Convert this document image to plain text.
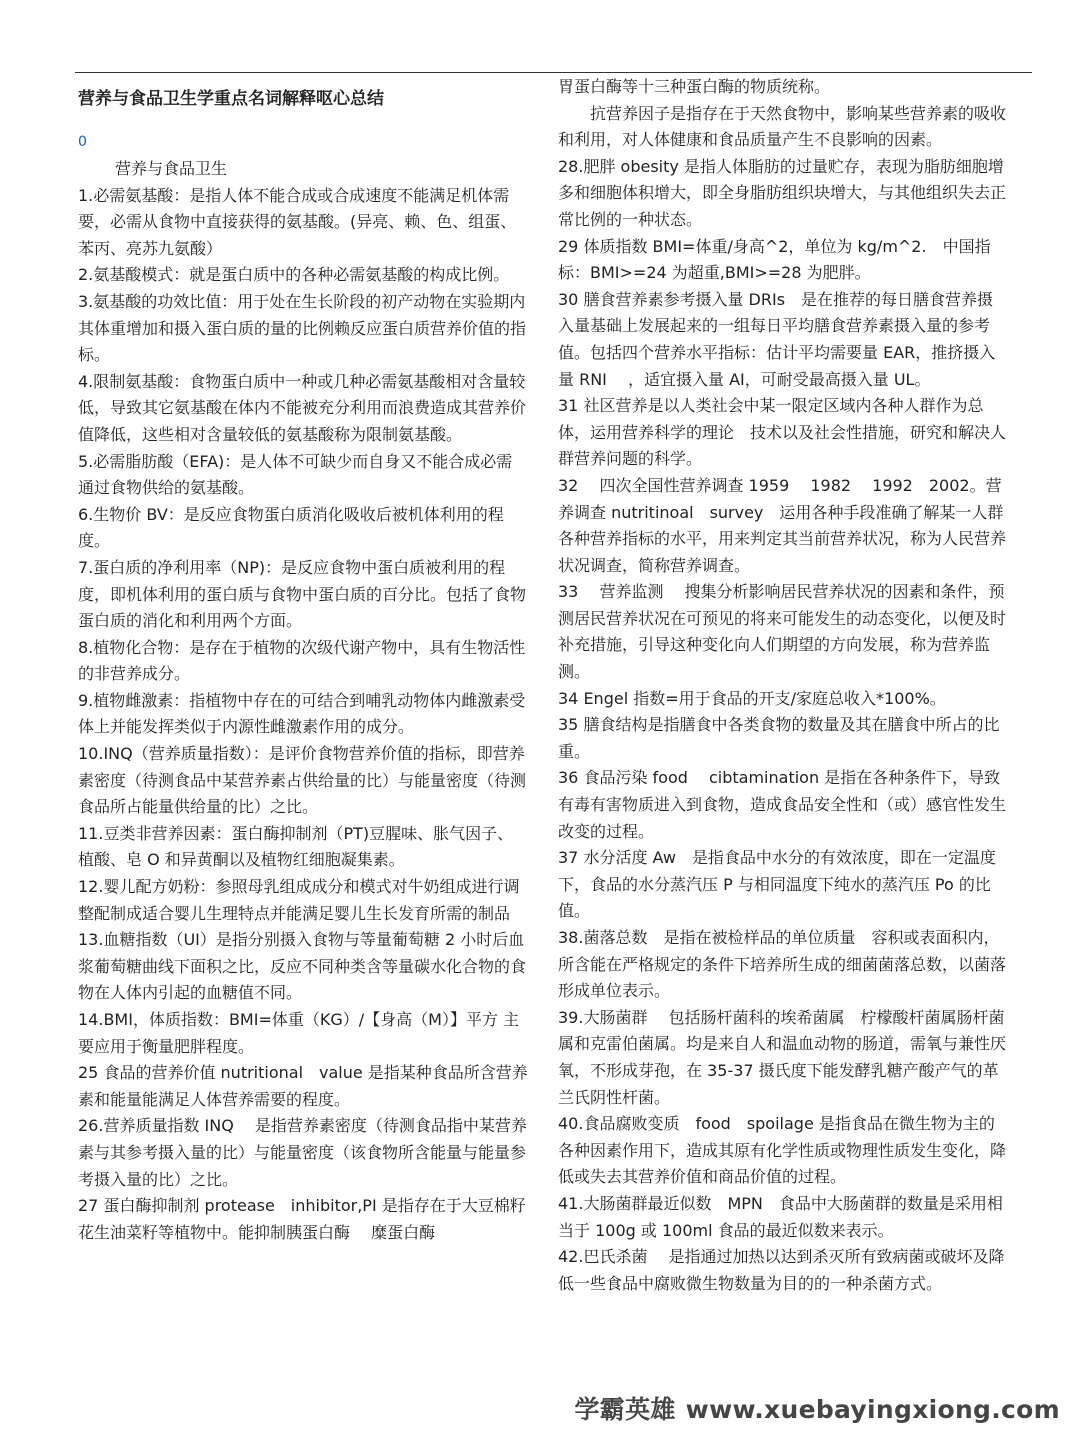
营养与食品卫生学重点名词解释呕心总结
0
营养与食品卫生

1.必需氨基酸：是指人体不能合成或合成速度不能满足机体需要，必需从食物中直接获得的氨基酸。(异亮、赖、色、组蛋、苯丙、亮苏九氨酸）

2.氨基酸模式：就是蛋白质中的各种必需氨基酸的构成比例。

3.氨基酸的功效比值：用于处在生长阶段的初产动物在实验期内其体重增加和摄入蛋白质的量的比例赖反应蛋白质营养价值的指标。

4.限制氨基酸：食物蛋白质中一种或几种必需氨基酸相对含量较低，导致其它氨基酸在体内不能被充分利用而浪费造成其营养价值降低，这些相对含量较低的氨基酸称为限制氨基酸。

5.必需脂肪酸（EFA)：是人体不可缺少而自身又不能合成必需通过食物供给的氨基酸。

6.生物价 BV：是反应食物蛋白质消化吸收后被机体利用的程度。

7.蛋白质的净利用率（NP)：是反应食物中蛋白质被利用的程度，即机体利用的蛋白质与食物中蛋白质的百分比。包括了食物蛋白质的消化和利用两个方面。

8.植物化合物：是存在于植物的次级代谢产物中，具有生物活性的非营养成分。

9.植物雌激素：指植物中存在的可结合到哺乳动物体内雌激素受体上并能发挥类似于内源性雌激素作用的成分。

10.INQ（营养质量指数）：是评价食物营养价值的指标，即营养素密度（待测食品中某营养素占供给量的比）与能量密度（待测食品所占能量供给量的比）之比。

11.豆类非营养因素：蛋白酶抑制剂（PT)豆腥味、胀气因子、植酸、皂 O 和异黄酮以及植物红细胞凝集素。

12.婴儿配方奶粉：参照母乳组成成分和模式对牛奶组成进行调整配制成适合婴儿生理特点并能满足婴儿生长发育所需的制品

13.血糖指数（UI）是指分别摄入食物与等量葡萄糖 2 小时后血浆葡萄糖曲线下面积之比，反应不同种类含等量碳水化合物的食物在人体内引起的血糖值不同。

14.BMI，体质指数：BMI=体重（KG）/【身高（M）】平方 主要应用于衡量肥胖程度。

25 食品的营养价值 nutritional　value 是指某种食品所含营养素和能量能满足人体营养需要的程度。

26.营养质量指数 INQ　 是指营养素密度（待测食品指中某营养素与其参考摄入量的比）与能量密度（该食物所含能量与能量参考摄入量的比）之比。

27 蛋白酶抑制剂 protease　inhibitor,PI 是指存在于大豆棉籽花生油菜籽等植物中。能抑制胰蛋白酶　 糜蛋白酶

胃蛋白酶等十三种蛋白酶的物质统称。

抗营养因子是指存在于天然食物中，影响某些营养素的吸收和利用，对人体健康和食品质量产生不良影响的因素。

28.肥胖 obesity 是指人体脂肪的过量贮存，表现为脂肪细胞增多和细胞体积增大，即全身脂肪组织块增大，与其他组织失去正常比例的一种状态。

29 体质指数 BMI=体重/身高^2，单位为 kg/m^2.　中国指标：BMI>=24 为超重,BMI>=28 为肥胖。

30 膳食营养素参考摄入量 DRIs　是在推荐的每日膳食营养摄入量基础上发展起来的一组每日平均膳食营养素摄入量的参考值。包括四个营养水平指标：估计平均需要量 EAR，推挤摄入量 RNI　 ，适宜摄入量 AI，可耐受最高摄入量 UL。

31 社区营养是以人类社会中某一限定区域内各种人群作为总体，运用营养科学的理论　技术以及社会性措施，研究和解决人群营养问题的科学。

32　 四次全国性营养调查 1959　 1982　 1992　2002。营养调查 nutritinoal　survey　运用各种手段准确了解某一人群各种营养指标的水平，用来判定其当前营养状况，称为人民营养状况调查，简称营养调查。

33　 营养监测　 搜集分析影响居民营养状况的因素和条件，预测居民营养状况在可预见的将来可能发生的动态变化，以便及时补充措施，引导这种变化向人们期望的方向发展，称为营养监测。

34 Engel 指数=用于食品的开支/家庭总收入*100%。

35 膳食结构是指膳食中各类食物的数量及其在膳食中所占的比重。

36 食品污染 food　 cibtamination 是指在各种条件下，导致有毒有害物质进入到食物，造成食品安全性和（或）感官性发生改变的过程。

37 水分活度 Aw　是指食品中水分的有效浓度，即在一定温度下，食品的水分蒸汽压 P 与相同温度下纯水的蒸汽压 Po 的比值。

38.菌落总数　是指在被检样品的单位质量　容积或表面积内，所含能在严格规定的条件下培养所生成的细菌菌落总数，以菌落形成单位表示。

39.大肠菌群　 包括肠杆菌科的埃希菌属　柠檬酸杆菌属肠杆菌属和克雷伯菌属。均是来自人和温血动物的肠道，需氧与兼性厌氧，不形成芽孢，在 35-37 摄氏度下能发酵乳糖产酸产气的革兰氏阴性杆菌。

40.食品腐败变质　food　spoilage 是指食品在微生物为主的各种因素作用下，造成其原有化学性质或物理性质发生变化，降低或失去其营养价值和商品价值的过程。

41.大肠菌群最近似数　MPN　食品中大肠菌群的数量是采用相当于 100g 或 100ml 食品的最近似数来表示。

42.巴氏杀菌　 是指通过加热以达到杀灭所有致病菌或破坏及降低一些食品中腐败微生物数量为目的的一种杀菌方式。

学霸英雄 www.xuebayingxiong.com
